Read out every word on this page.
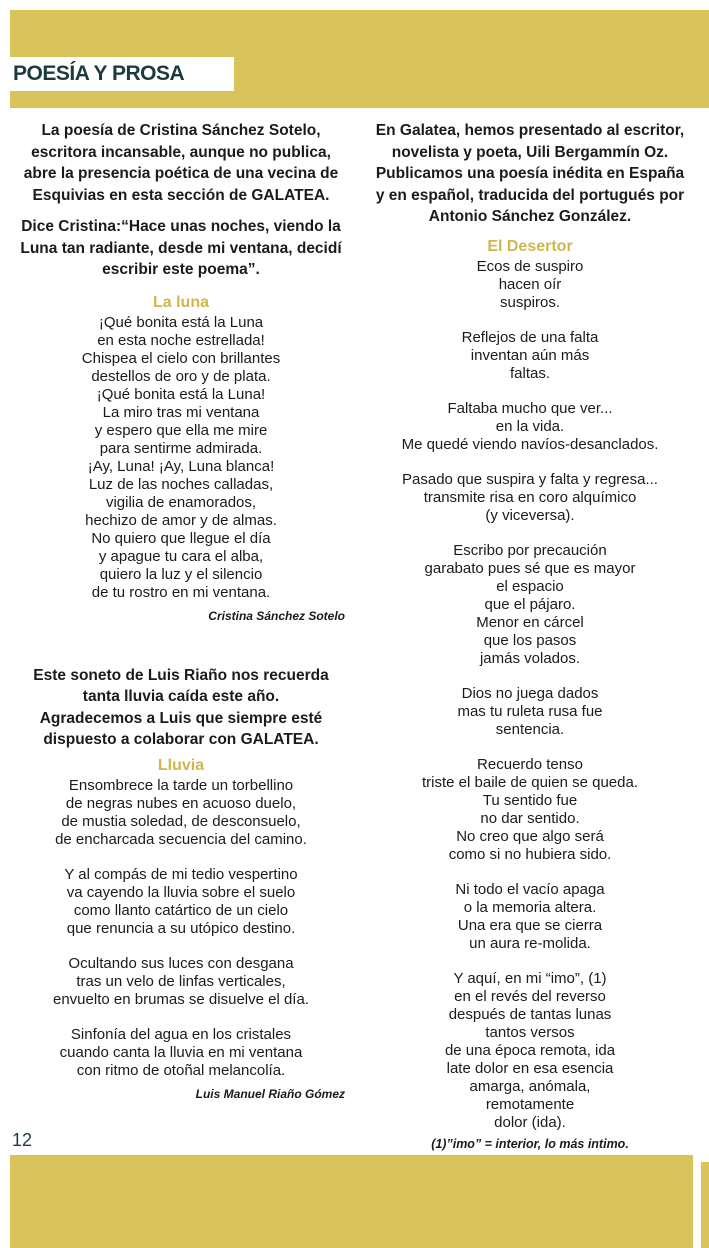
POESÍA Y PROSA
La poesía de Cristina Sánchez Sotelo,
escritora incansable, aunque no publica,
abre la presencia poética de una vecina de
Esquivias en esta sección de GALATEA.
Dice Cristina:“Hace unas noches, viendo la
Luna tan radiante, desde mi ventana, decidí
escribir este poema”.
La luna
¡Qué bonita está la Luna
en esta noche estrellada!
Chispea el cielo con brillantes
destellos de oro y de plata.
¡Qué bonita está la Luna!
La miro tras mi ventana
y espero que ella me mire
para sentirme admirada.
¡Ay, Luna! ¡Ay, Luna blanca!
Luz de las noches calladas,
vigilia de enamorados,
hechizo de amor y de almas.
No quiero que llegue el día
y apague tu cara el alba,
quiero la luz y el silencio
de tu rostro en mi ventana.
Cristina Sánchez Sotelo
Este soneto de Luis Riaño nos recuerda
tanta lluvia caída este año.
Agradecemos a Luis que siempre esté
dispuesto a colaborar con GALATEA.
Lluvia
Ensombrece la tarde un torbellino
de negras nubes en acuoso duelo,
de mustia soledad, de desconsuelo,
de encharcada secuencia del camino.
Y al compás de mi tedio vespertino
va cayendo la lluvia sobre el suelo
como llanto catártico de un cielo
que renuncia a su utópico destino.
Ocultando sus luces con desgana
tras un velo de linfas verticales,
envuelto en brumas se disuelve el día.
Sinfonía del agua en los cristales
cuando canta la lluvia en mi ventana
con ritmo de otoñal melancolía.
Luis Manuel Riaño Gómez
En Galatea, hemos presentado al escritor,
novelista y poeta, Uili Bergammín Oz.
Publicamos una poesía inédita en España
y en español, traducida del portugués por
Antonio Sánchez González.
El Desertor
Ecos de suspiro
hacen oír
suspiros.
Reflejos de una falta
inventan aún más
faltas.
Faltaba mucho que ver...
en la vida.
Me quedé viendo navíos-desanclados.
Pasado que suspira y falta y regresa...
transmite risa en coro alquímico
(y viceversa).
Escribo por precaución
garabato pues sé que es mayor
el espacio
que el pájaro.
Menor en cárcel
que los pasos
jamás volados.
Dios no juega dados
mas tu ruleta rusa fue
sentencia.
Recuerdo tenso
triste el baile de quien se queda.
Tu sentido fue
no dar sentido.
No creo que algo será
como si no hubiera sido.
Ni todo el vacío apaga
o la memoria altera.
Una era que se cierra
un aura re-molida.
Y aquí, en mi “imo”, (1)
en el revés del reverso
después de tantas lunas
tantos versos
de una época remota, ida
late dolor en esa esencia
amarga, anómala,
remotamente
dolor (ida).
(1)”imo” = interior, lo más intimo.
12
